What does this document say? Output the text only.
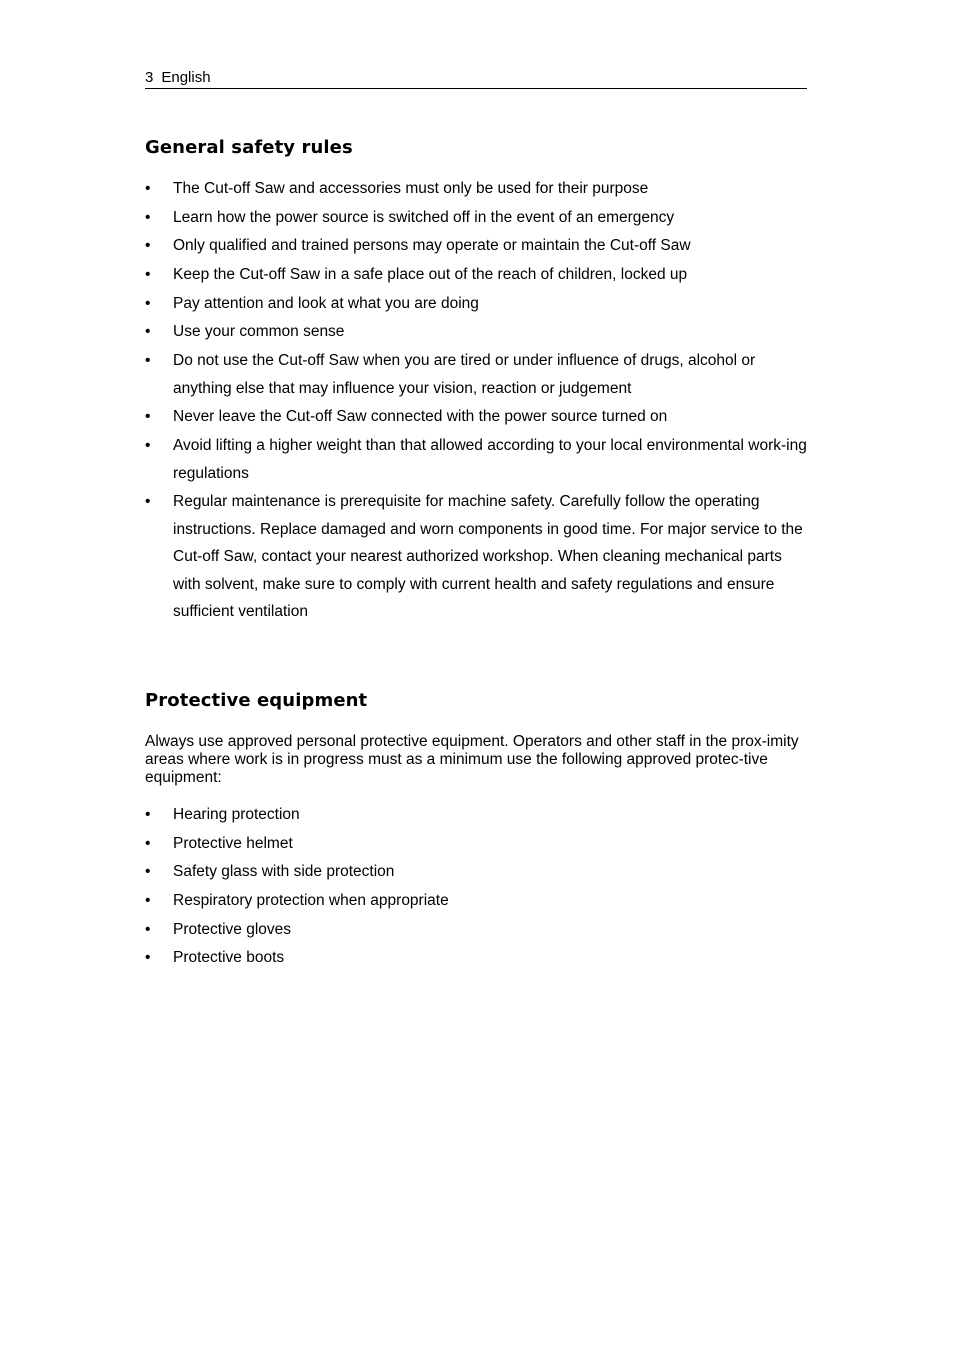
3 English
General safety rules
• The Cut-off Saw and accessories must only be used for their purpose
• Learn how the power source is switched off in the event of an emergency
• Only qualified and trained persons may operate or maintain the Cut-off Saw
• Keep the Cut-off Saw in a safe place out of the reach of children, locked up
• Pay attention and look at what you are doing
• Use your common sense
• Do not use the Cut-off Saw when you are tired or under influence of drugs, alcohol or anything else that may influence your vision, reaction or judgement
• Never leave the Cut-off Saw connected with the power source turned on
• Avoid lifting a higher weight than that allowed according to your local environmental work-ing regulations
• Regular maintenance is prerequisite for machine safety. Carefully follow the operating instructions. Replace damaged and worn components in good time. For major service to the Cut-off Saw, contact your nearest authorized workshop. When cleaning mechanical parts with solvent, make sure to comply with current health and safety regulations and ensure sufficient ventilation
Protective equipment

Always use approved personal protective equipment. Operators and other staff in the prox-imity areas where work is in progress must as a minimum use the following approved protec-tive equipment:

• Hearing protection
• Protective helmet
• Safety glass with side protection
• Respiratory protection when appropriate
• Protective gloves
• Protective boots
